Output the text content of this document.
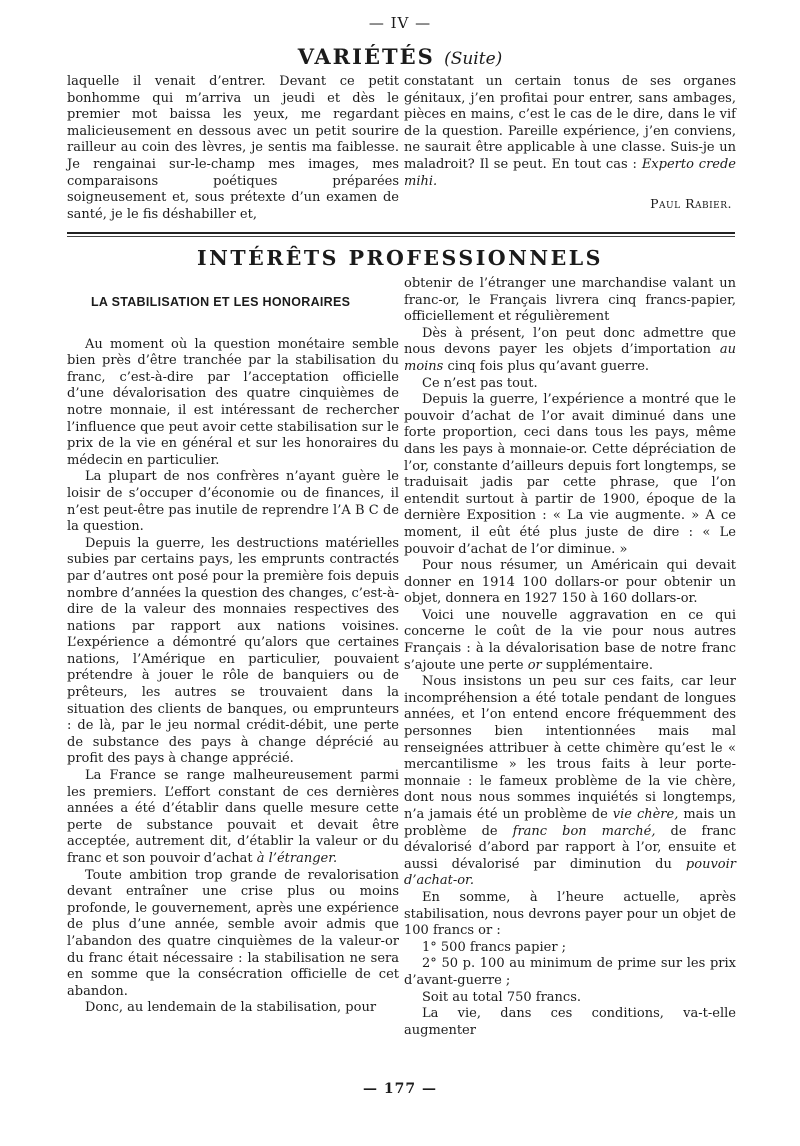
— IV —
VARIÉTÉS (Suite)

laquelle il venait d’entrer. Devant ce petit bonhomme qui m’arriva un jeudi et dès le premier mot baissa les yeux, me regardant malicieusement en dessous avec un petit sourire railleur au coin des lèvres, je sentis ma faiblesse. Je rengainai sur-le-champ mes images, mes comparaisons poétiques préparées soigneusement et, sous prétexte d’un examen de santé, je le fis déshabiller et,

constatant un certain tonus de ses organes génitaux, j’en profitai pour entrer, sans ambages, pièces en mains, c’est le cas de le dire, dans le vif de la question. Pareille expérience, j’en conviens, ne saurait être applicable à une classe. Suis-je un maladroit? Il se peut. En tout cas : Experto crede mihi.

Paul Rabier.
INTÉRÊTS PROFESSIONNELS

LA STABILISATION ET LES HONORAIRES

Au moment où la question monétaire semble bien près d’être tranchée par la stabilisation du franc, c’est-à-dire par l’acceptation officielle d’une dévalorisation des quatre cinquièmes de notre monnaie, il est intéressant de rechercher l’influence que peut avoir cette stabilisation sur le prix de la vie en général et sur les honoraires du médecin en particulier.

La plupart de nos confrères n’ayant guère le loisir de s’occuper d’économie ou de finances, il n’est peut-être pas inutile de reprendre l’A B C de la question.

Depuis la guerre, les destructions matérielles subies par certains pays, les emprunts contractés par d’autres ont posé pour la première fois depuis nombre d’années la question des changes, c’est-à-dire de la valeur des monnaies respectives des nations par rapport aux nations voisines. L’expérience a démontré qu’alors que certaines nations, l’Amérique en particulier, pouvaient prétendre à jouer le rôle de banquiers ou de prêteurs, les autres se trouvaient dans la situation des clients de banques, ou emprunteurs : de là, par le jeu normal crédit-débit, une perte de substance des pays à change déprécié au profit des pays à change apprécié.

La France se range malheureusement parmi les premiers. L’effort constant de ces dernières années a été d’établir dans quelle mesure cette perte de substance pouvait et devait être acceptée, autrement dit, d’établir la valeur or du franc et son pouvoir d’achat à l’étranger.

Toute ambition trop grande de revalorisation devant entraîner une crise plus ou moins profonde, le gouvernement, après une expérience de plus d’une année, semble avoir admis que l’abandon des quatre cinquièmes de la valeur-or du franc était nécessaire : la stabilisation ne sera en somme que la consécration officielle de cet abandon.

Donc, au lendemain de la stabilisation, pour

obtenir de l’étranger une marchandise valant un franc-or, le Français livrera cinq francs-papier, officiellement et régulièrement

Dès à présent, l’on peut donc admettre que nous devons payer les objets d’importation au moins cinq fois plus qu’avant guerre.

Ce n’est pas tout.

Depuis la guerre, l’expérience a montré que le pouvoir d’achat de l’or avait diminué dans une forte proportion, ceci dans tous les pays, même dans les pays à monnaie-or. Cette dépréciation de l’or, constante d’ailleurs depuis fort longtemps, se traduisait jadis par cette phrase, que l’on entendit surtout à partir de 1900, époque de la dernière Exposition : « La vie augmente. » A ce moment, il eût été plus juste de dire : « Le pouvoir d’achat de l’or diminue. »

Pour nous résumer, un Américain qui devait donner en 1914 100 dollars-or pour obtenir un objet, donnera en 1927 150 à 160 dollars-or.

Voici une nouvelle aggravation en ce qui concerne le coût de la vie pour nous autres Français : à la dévalorisation base de notre franc s’ajoute une perte or supplémentaire.

Nous insistons un peu sur ces faits, car leur incompréhension a été totale pendant de longues années, et l’on entend encore fréquemment des personnes bien intentionnées mais mal renseignées attribuer à cette chimère qu’est le « mercantilisme » les trous faits à leur porte-monnaie : le fameux problème de la vie chère, dont nous nous sommes inquiétés si longtemps, n’a jamais été un problème de vie chère, mais un problème de franc bon marché, de franc dévalorisé d’abord par rapport à l’or, ensuite et aussi dévalorisé par diminution du pouvoir d’achat-or.

En somme, à l’heure actuelle, après stabilisation, nous devrons payer pour un objet de 100 francs or :

1° 500 francs papier ;

2° 50 p. 100 au minimum de prime sur les prix d’avant-guerre ;

Soit au total 750 francs.

La vie, dans ces conditions, va-t-elle augmenter

— 177 —
